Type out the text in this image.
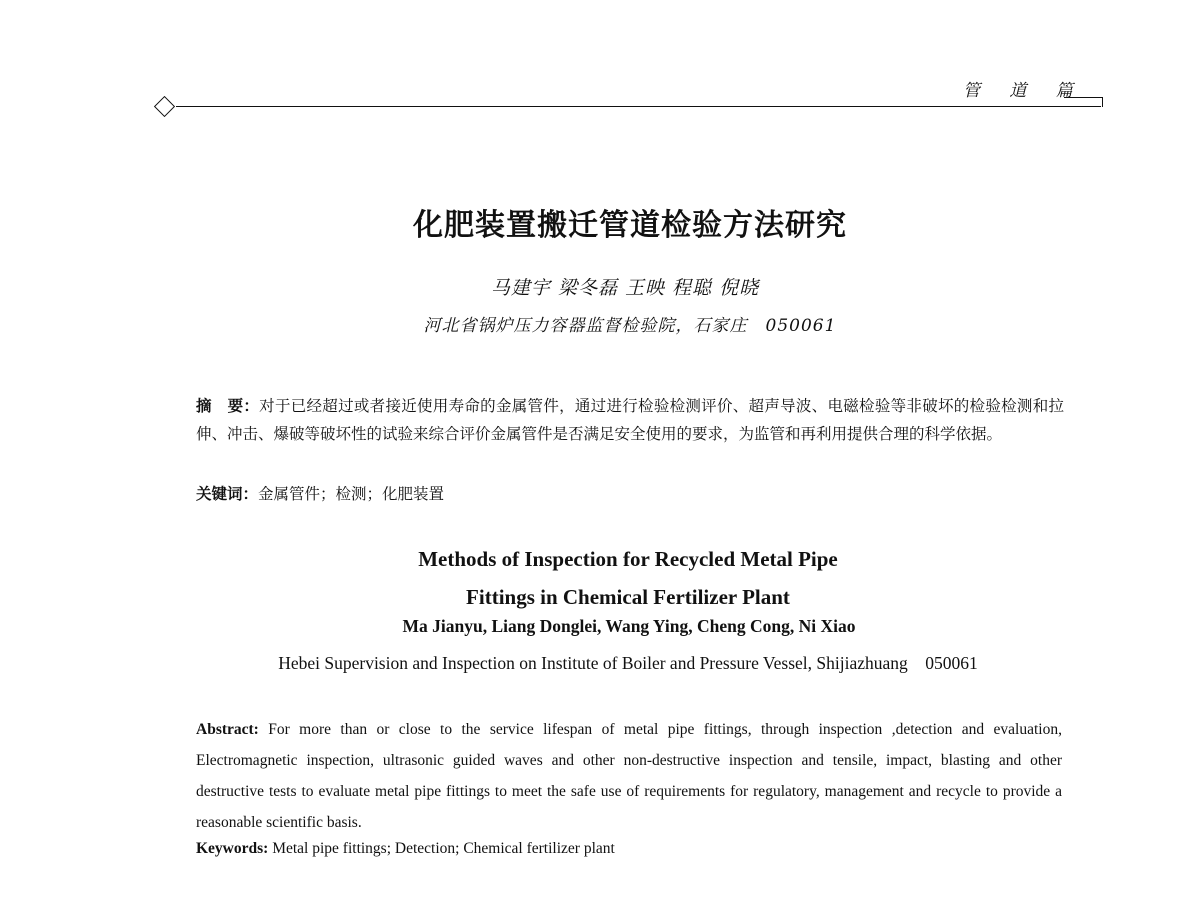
管 道 篇
化肥装置搬迁管道检验方法研究
马建宇 梁冬磊 王映 程聪 倪晓
河北省锅炉压力容器监督检验院，石家庄　050061
摘　要：对于已经超过或者接近使用寿命的金属管件，通过进行检验检测评价、超声导波、电磁检验等非破坏的检验检测和拉伸、冲击、爆破等破坏性的试验来综合评价金属管件是否满足安全使用的要求，为监管和再利用提供合理的科学依据。
关键词：金属管件；检测；化肥装置
Methods of Inspection for Recycled Metal Pipe
Fittings in Chemical Fertilizer Plant
Ma Jianyu, Liang Donglei, Wang Ying, Cheng Cong, Ni Xiao
Hebei Supervision and Inspection on Institute of Boiler and Pressure Vessel, Shijiazhuang　050061
Abstract: For more than or close to the service lifespan of metal pipe fittings, through inspection ,detection and evaluation, Electromagnetic inspection, ultrasonic guided waves and other non-destructive inspection and tensile, impact, blasting and other destructive tests to evaluate metal pipe fittings to meet the safe use of requirements for regulatory, management and recycle to provide a reasonable scientific basis.
Keywords: Metal pipe fittings; Detection; Chemical fertilizer plant
